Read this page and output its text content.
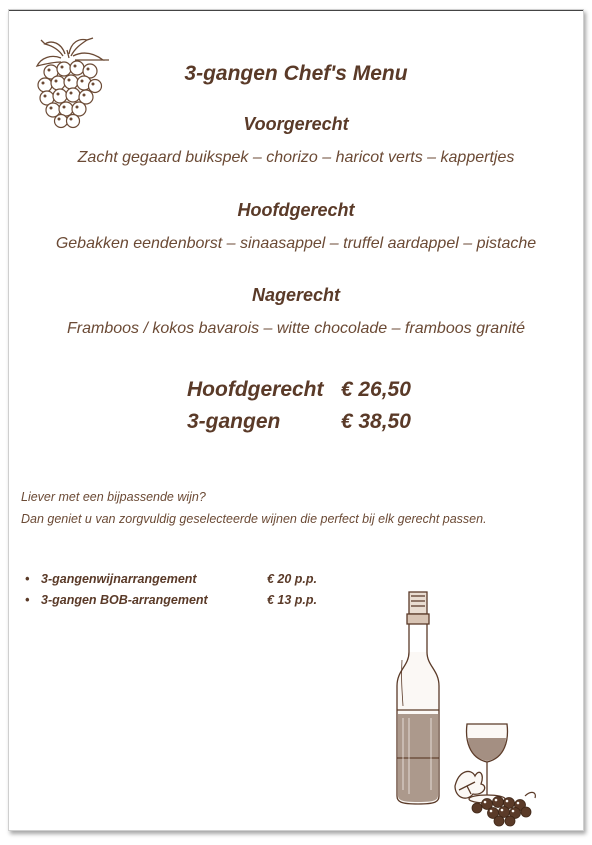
3-gangen Chef's Menu
Voorgerecht
Zacht gegaard buikspek – chorizo – haricot verts – kappertjes
Hoofdgerecht
Gebakken eendenborst – sinaasappel – truffel aardappel – pistache
Nagerecht
Framboos / kokos bavarois – witte chocolade – framboos granité
Hoofdgerecht € 26,50
3-gangen	€ 38,50
Liever met een bijpassende wijn?
Dan geniet u van zorgvuldig geselecteerde wijnen die perfect bij elk gerecht passen.
• 3-gangenwijnarrangement	€ 20 p.p.
• 3-gangen BOB-arrangement	€ 13 p.p.
